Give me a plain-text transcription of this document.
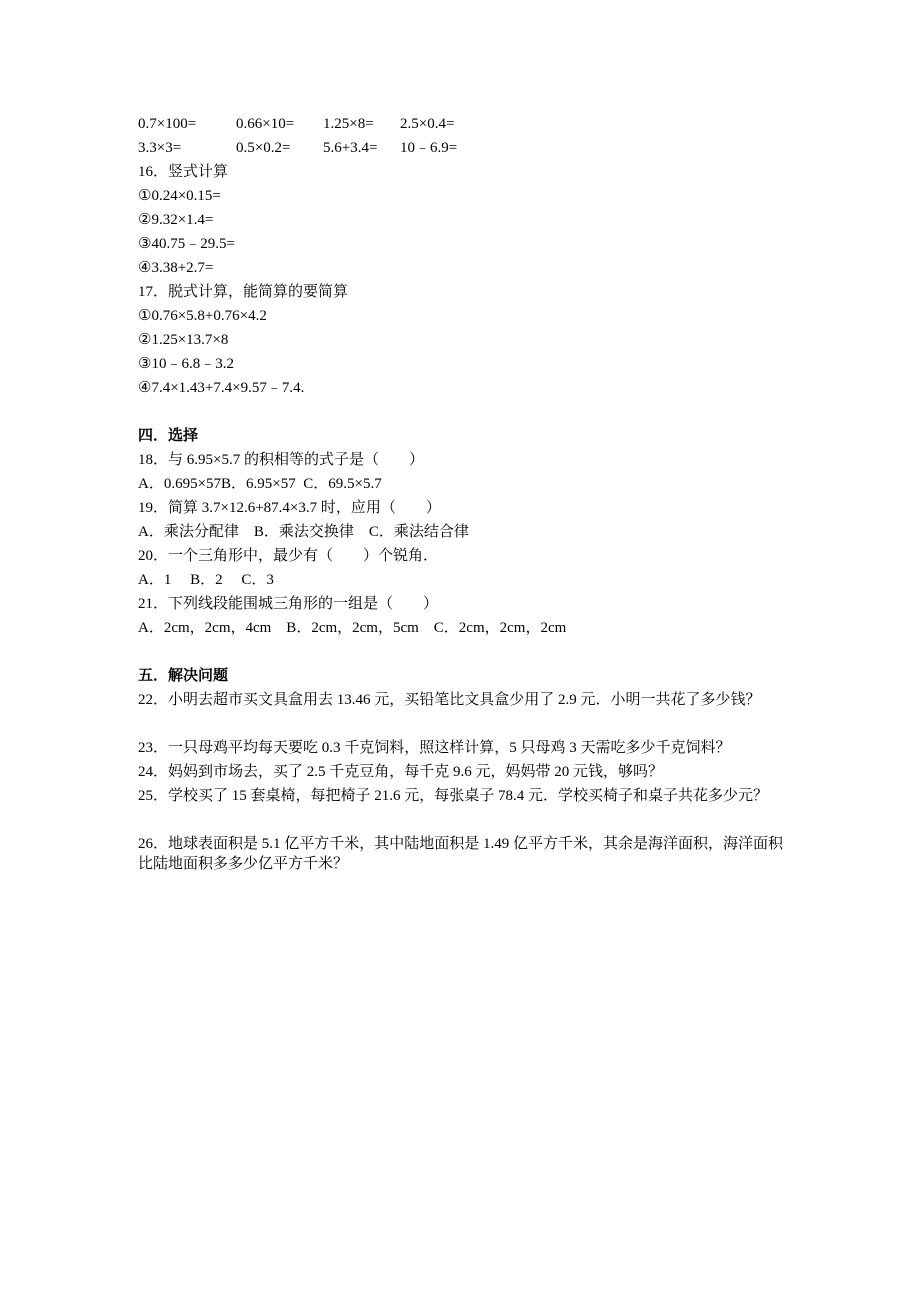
0.7×100=	0.66×10= 1.25×8= 2.5×0.4=
3.3×3=	0.5×0.2= 5.6+3.4= 10﹣6.9=
16．竖式计算
①0.24×0.15=
②9.32×1.4=
③40.75﹣29.5=
④3.38+2.7=
17．脱式计算，能简算的要简算
①0.76×5.8+0.76×4.2
②1.25×13.7×8
③10﹣6.8﹣3.2
④7.4×1.43+7.4×9.57﹣7.4.
四．选择
18．与 6.95×5.7 的积相等的式子是（　　）
A．0.695×57B．6.95×57  C．69.5×5.7
19．简算 3.7×12.6+87.4×3.7 时，应用（　　）
A．乘法分配律　B．乘法交换律　C．乘法结合律
20．一个三角形中，最少有（　　）个锐角．
A．1　 B．2　 C．3
21．下列线段能围城三角形的一组是（　　）
A．2cm，2cm，4cm　B．2cm，2cm，5cm　C．2cm，2cm，2cm
五．解决问题
22．小明去超市买文具盒用去 13.46 元，买铅笔比文具盒少用了 2.9 元．小明一共花了多少钱？
23．一只母鸡平均每天要吃 0.3 千克饲料，照这样计算，5 只母鸡 3 天需吃多少千克饲料？
24．妈妈到市场去，买了 2.5 千克豆角，每千克 9.6 元，妈妈带 20 元钱，够吗？
25．学校买了 15 套桌椅，每把椅子 21.6 元，每张桌子 78.4 元．学校买椅子和桌子共花多少元？
26．地球表面积是 5.1 亿平方千米，其中陆地面积是 1.49 亿平方千米，其余是海洋面积，海洋面积比陆地面积多多少亿平方千米？
